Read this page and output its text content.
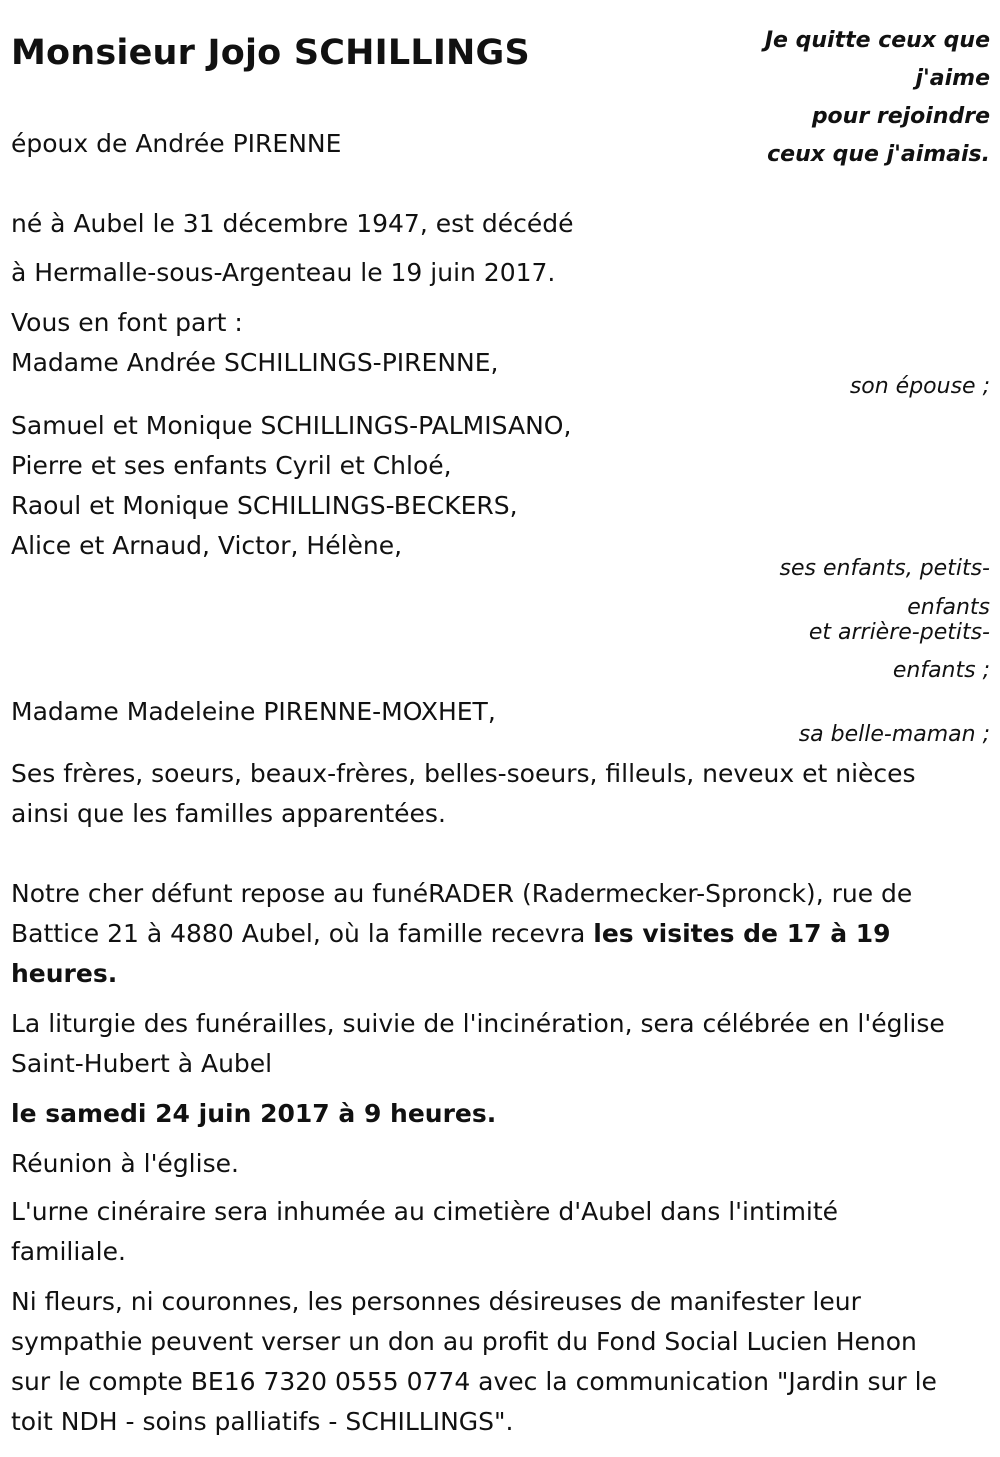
Monsieur Jojo SCHILLINGS	Je quitte ceux que
j'aime
pour rejoindre
ceux que j'aimais.
époux de Andrée PIRENNE
né à Aubel le 31 décembre 1947, est décédé
à Hermalle-sous-Argenteau le 19 juin 2017.
Vous en font part :
Madame Andrée SCHILLINGS-PIRENNE,
son épouse ;
Samuel et Monique SCHILLINGS-PALMISANO,
Pierre et ses enfants Cyril et Chloé,
Raoul et Monique SCHILLINGS-BECKERS,
Alice et Arnaud, Victor, Hélène,
ses enfants, petits-
enfants
et arrière-petits-
enfants ;
Madame Madeleine PIRENNE-MOXHET,
sa belle-maman ;
Ses frères, soeurs, beaux-frères, belles-soeurs, filleuls, neveux et nièces
ainsi que les familles apparentées.
Notre cher défunt repose au funéRADER (Radermecker-Spronck), rue de
Battice 21 à 4880 Aubel, où la famille recevra les visites de 17 à 19
heures.
La liturgie des funérailles, suivie de l'incinération, sera célébrée en l'église
Saint-Hubert à Aubel
le samedi 24 juin 2017 à 9 heures.
Réunion à l'église.
L'urne cinéraire sera inhumée au cimetière d'Aubel dans l'intimité
familiale.
Ni fleurs, ni couronnes, les personnes désireuses de manifester leur
sympathie peuvent verser un don au profit du Fond Social Lucien Henon
sur le compte BE16 7320 0555 0774 avec la communication "Jardin sur le
toit NDH - soins palliatifs - SCHILLINGS".
